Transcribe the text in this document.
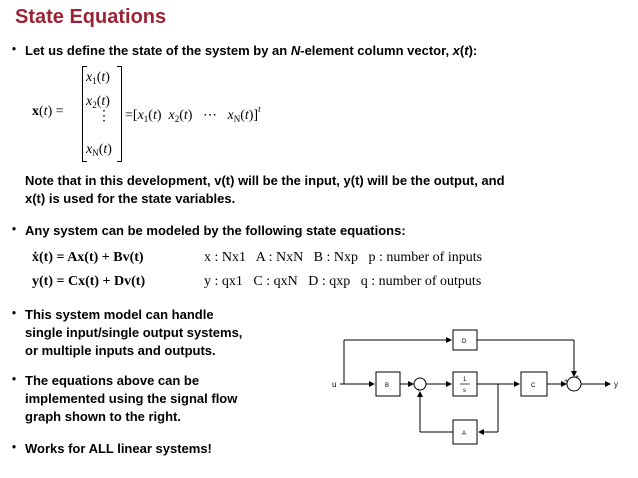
State Equations
• Let us define the state of the system by an N-element column vector, x(t):
x(t) =
$x_1(t)$
$x_2(t)$
⋮
$x_N(t)$
$=[x_1(t)$  $x_2(t)$   ⋯   $x_N(t)]^t$
Note that in this development, v(t) will be the input, y(t) will be the output, and
x(t) is used for the state variables.
• Any system can be modeled by the following state equations:
ẋ(t) = Ax(t) + Bv(t)
y(t) = Cx(t) + Dv(t)
x : Nx1   A : NxN   B : Nxp   p : number of inputs
y : qx1   C : qxN   D : qxp   q : number of outputs
• This system model can handle
single input/single output systems,
or multiple inputs and outputs.
• The equations above can be
implemented using the signal flow
graph shown to the right.
• Works for ALL linear systems!
u
D
B
+
1
s
C
+
+	y
A
